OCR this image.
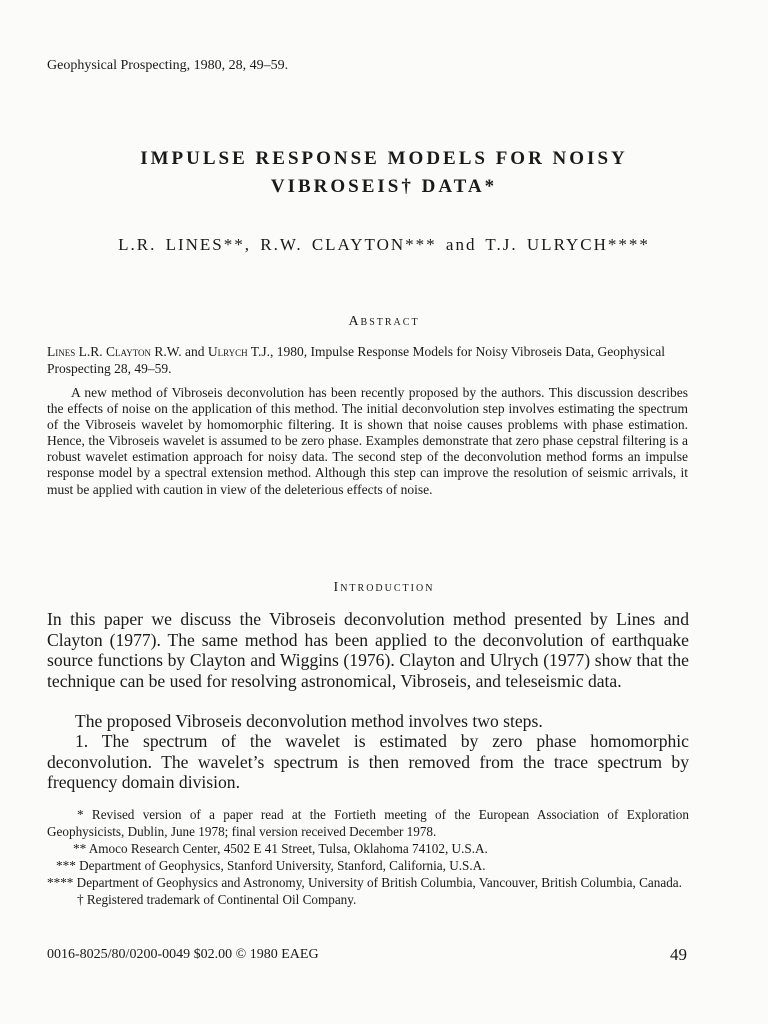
Geophysical Prospecting, 1980, 28, 49–59.
IMPULSE RESPONSE MODELS FOR NOISY
VIBROSEIS† DATA*
L.R. LINES**, R.W. CLAYTON*** and T.J. ULRYCH****
Abstract

Lines L.R. Clayton R.W. and Ulrych T.J., 1980, Impulse Response Models for Noisy Vibroseis Data, Geophysical Prospecting 28, 49–59.

A new method of Vibroseis deconvolution has been recently proposed by the authors. This discussion describes the effects of noise on the application of this method. The initial deconvolution step involves estimating the spectrum of the Vibroseis wavelet by homomorphic filtering. It is shown that noise causes problems with phase estimation. Hence, the Vibroseis wavelet is assumed to be zero phase. Examples demonstrate that zero phase cepstral filtering is a robust wavelet estimation approach for noisy data. The second step of the deconvolution method forms an impulse response model by a spectral extension method. Although this step can improve the resolution of seismic arrivals, it must be applied with caution in view of the deleterious effects of noise.

Introduction

In this paper we discuss the Vibroseis deconvolution method presented by Lines and Clayton (1977). The same method has been applied to the deconvolution of earthquake source functions by Clayton and Wiggins (1976). Clayton and Ulrych (1977) show that the technique can be used for resolving astronomical, Vibroseis, and teleseismic data.

The proposed Vibroseis deconvolution method involves two steps.

1. The spectrum of the wavelet is estimated by zero phase homomorphic deconvolution. The wavelet’s spectrum is then removed from the trace spectrum by frequency domain division.

* Revised version of a paper read at the Fortieth meeting of the European Association of Exploration Geophysicists, Dublin, June 1978; final version received December 1978.

** Amoco Research Center, 4502 E 41 Street, Tulsa, Oklahoma 74102, U.S.A.

*** Department of Geophysics, Stanford University, Stanford, California, U.S.A.

**** Department of Geophysics and Astronomy, University of British Columbia, Vancouver, British Columbia, Canada.

† Registered trademark of Continental Oil Company.

0016-8025/80/0200-0049 $02.00 © 1980 EAEG	49
